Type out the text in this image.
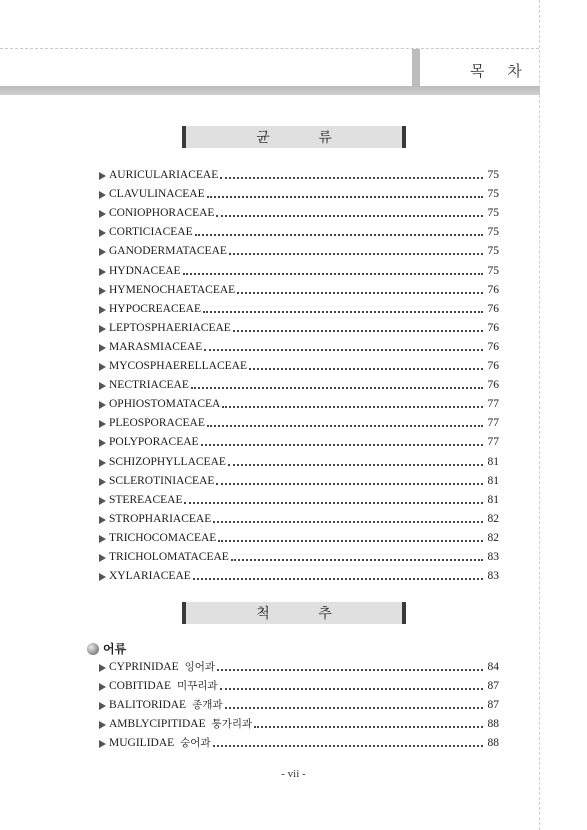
목 차
균 류
AURICULARIACEAE	75
CLAVULINACEAE	75
CONIOPHORACEAE	75
CORTICIACEAE	75
GANODERMATACEAE	75
HYDNACEAE	75
HYMENOCHAETACEAE	76
HYPOCREACEAE	76
LEPTOSPHAERIACEAE	76
MARASMIACEAE	76
MYCOSPHAERELLACEAE	76
NECTRIACEAE	76
OPHIOSTOMATACEA	77
PLEOSPORACEAE	77
POLYPORACEAE	77
SCHIZOPHYLLACEAE	81
SCLEROTINIACEAE	81
STEREACEAE	81
STROPHARIACEAE	82
TRICHOCOMACEAE	82
TRICHOLOMATACEAE	83
XYLARIACEAE	83
척 추
어류
CYPRINIDAE 잉어과	84
COBITIDAE 미꾸리과	87
BALITORIDAE 종개과	87
AMBLYCIPITIDAE 퉁가리과	88
MUGILIDAE 숭어과	88
- vii -
